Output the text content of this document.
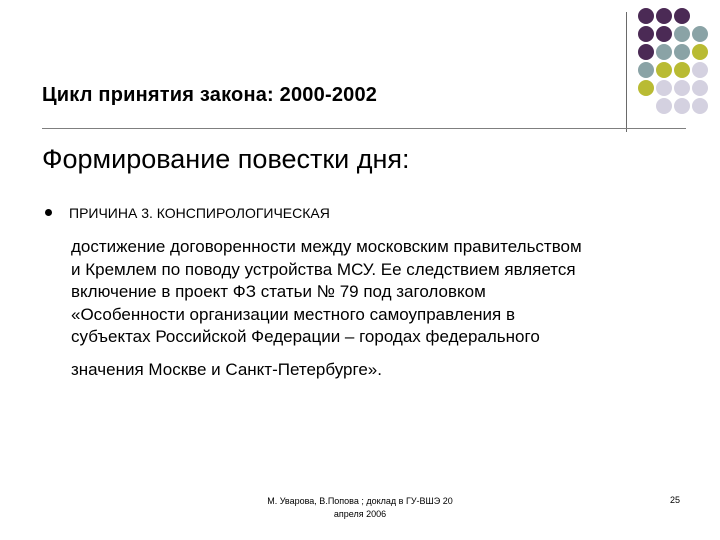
Цикл принятия закона: 2000-2002
Формирование повестки дня:
ПРИЧИНА 3. КОНСПИРОЛОГИЧЕСКАЯ
достижение договоренности между московским правительством
и Кремлем по поводу устройства МСУ. Ее следствием является
включение в проект ФЗ статьи № 79 под заголовком
«Особенности организации местного самоуправления в
субъектах Российской Федерации – городах федерального
значения Москве и Санкт-Петербурге».
М. Уварова, В.Попова ; доклад в ГУ-ВШЭ 20
апреля 2006
25
